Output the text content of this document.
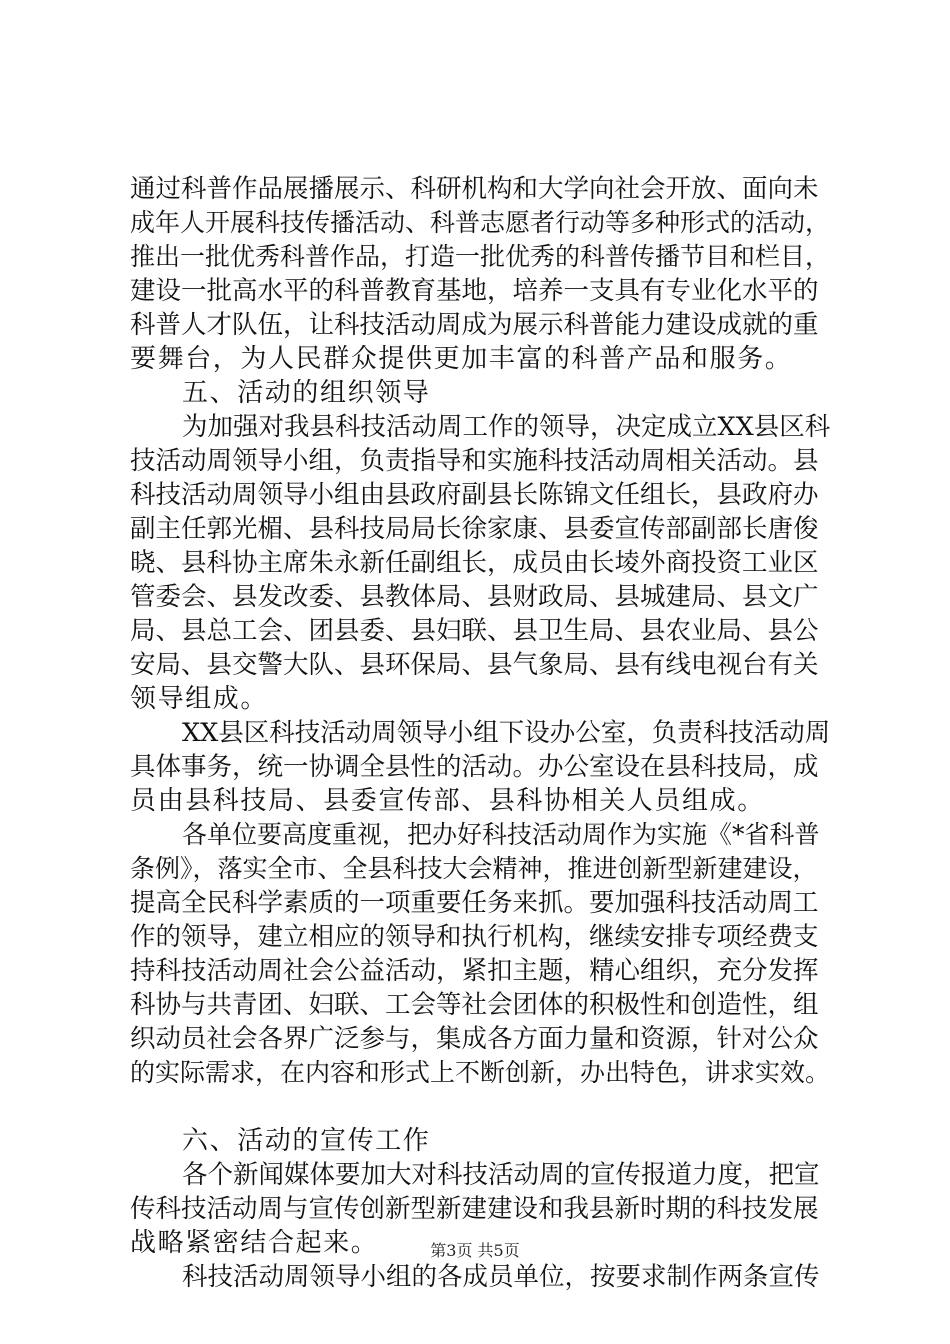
通过科普作品展播展示、科研机构和大学向社会开放、面向未
成年人开展科技传播活动、科普志愿者行动等多种形式的活动，
推出一批优秀科普作品，打造一批优秀的科普传播节目和栏目，
建设一批高水平的科普教育基地，培养一支具有专业化水平的
科普人才队伍，让科技活动周成为展示科普能力建设成就的重
要舞台，为人民群众提供更加丰富的科普产品和服务。
五、活动的组织领导
为加强对我县科技活动周工作的领导，决定成立XX县区科
技活动周领导小组，负责指导和实施科技活动周相关活动。县
科技活动周领导小组由县政府副县长陈锦文任组长，县政府办
副主任郭光楣、县科技局局长徐家康、县委宣传部副部长唐俊
晓、县科协主席朱永新任副组长，成员由长堎外商投资工业区
管委会、县发改委、县教体局、县财政局、县城建局、县文广
局、县总工会、团县委、县妇联、县卫生局、县农业局、县公
安局、县交警大队、县环保局、县气象局、县有线电视台有关
领导组成。
XX县区科技活动周领导小组下设办公室，负责科技活动周
具体事务，统一协调全县性的活动。办公室设在县科技局，成
员由县科技局、县委宣传部、县科协相关人员组成。
各单位要高度重视，把办好科技活动周作为实施《*省科普
条例》，落实全市、全县科技大会精神，推进创新型新建建设，
提高全民科学素质的一项重要任务来抓。要加强科技活动周工
作的领导，建立相应的领导和执行机构，继续安排专项经费支
持科技活动周社会公益活动，紧扣主题，精心组织，充分发挥
科协与共青团、妇联、工会等社会团体的积极性和创造性，组
织动员社会各界广泛参与，集成各方面力量和资源，针对公众
的实际需求，在内容和形式上不断创新，办出特色，讲求实效。
六、活动的宣传工作
各个新闻媒体要加大对科技活动周的宣传报道力度，把宣
传科技活动周与宣传创新型新建建设和我县新时期的科技发展
战略紧密结合起来。
科技活动周领导小组的各成员单位，按要求制作两条宣传
第3页 共5页
